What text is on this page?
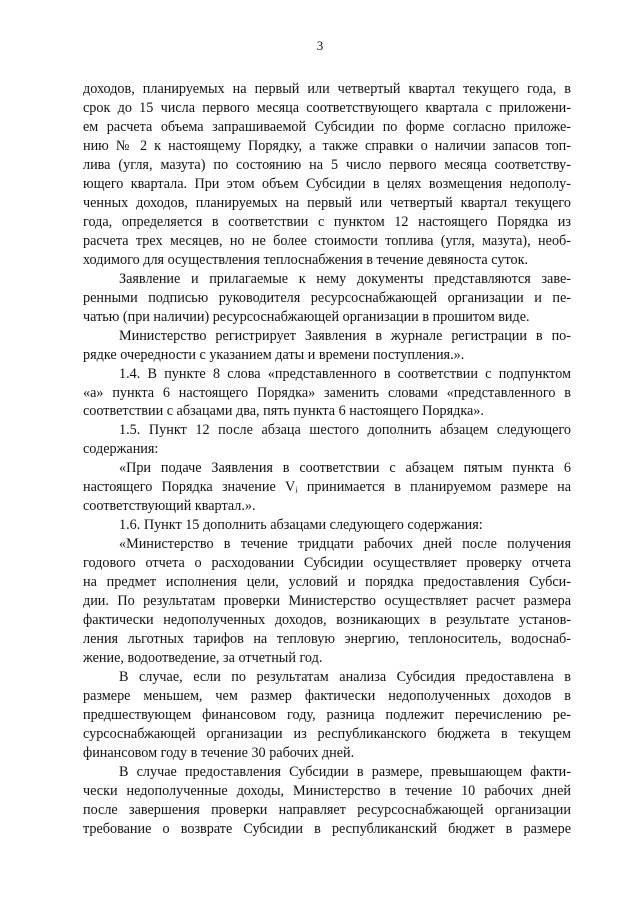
3
доходов, планируемых на первый или четвертый квартал текущего года, в
срок до 15 числа первого месяца соответствующего квартала с приложени-
ем расчета объема запрашиваемой Субсидии по форме согласно приложе-
нию № 2 к настоящему Порядку, а также справки о наличии запасов топ-
лива (угля, мазута) по состоянию на 5 число первого месяца соответству-
ющего квартала. При этом объем Субсидии в целях возмещения недополу-
ченных доходов, планируемых на первый или четвертый квартал текущего
года, определяется в соответствии с пунктом 12 настоящего Порядка из
расчета трех месяцев, но не более стоимости топлива (угля, мазута), необ-
ходимого для осуществления теплоснабжения в течение девяноста суток.
Заявление и прилагаемые к нему документы представляются заве-
ренными подписью руководителя ресурсоснабжающей организации и пе-
чатью (при наличии) ресурсоснабжающей организации в прошитом виде.
Министерство регистрирует Заявления в журнале регистрации в по-
рядке очередности с указанием даты и времени поступления.».
1.4. В пункте 8 слова «представленного в соответствии с подпунктом
«а» пункта 6 настоящего Порядка» заменить словами «представленного в
соответствии с абзацами два, пять пункта 6 настоящего Порядка».
1.5. Пункт 12 после абзаца шестого дополнить абзацем следующего
содержания:
«При подаче Заявления в соответствии с абзацем пятым пункта 6
настоящего Порядка значение Vᵢ принимается в планируемом размере на
соответствующий квартал.».
1.6. Пункт 15 дополнить абзацами следующего содержания:
«Министерство в течение тридцати рабочих дней после получения
годового отчета о расходовании Субсидии осуществляет проверку отчета
на предмет исполнения цели, условий и порядка предоставления Субси-
дии. По результатам проверки Министерство осуществляет расчет размера
фактически недополученных доходов, возникающих в результате установ-
ления льготных тарифов на тепловую энергию, теплоноситель, водоснаб-
жение, водоотведение, за отчетный год.
В случае, если по результатам анализа Субсидия предоставлена в
размере меньшем, чем размер фактически недополученных доходов в
предшествующем финансовом году, разница подлежит перечислению ре-
сурсоснабжающей организации из республиканского бюджета в текущем
финансовом году в течение 30 рабочих дней.
В случае предоставления Субсидии в размере, превышающем факти-
чески недополученные доходы, Министерство в течение 10 рабочих дней
после завершения проверки направляет ресурсоснабжающей организации
требование о возврате Субсидии в республиканский бюджет в размере
